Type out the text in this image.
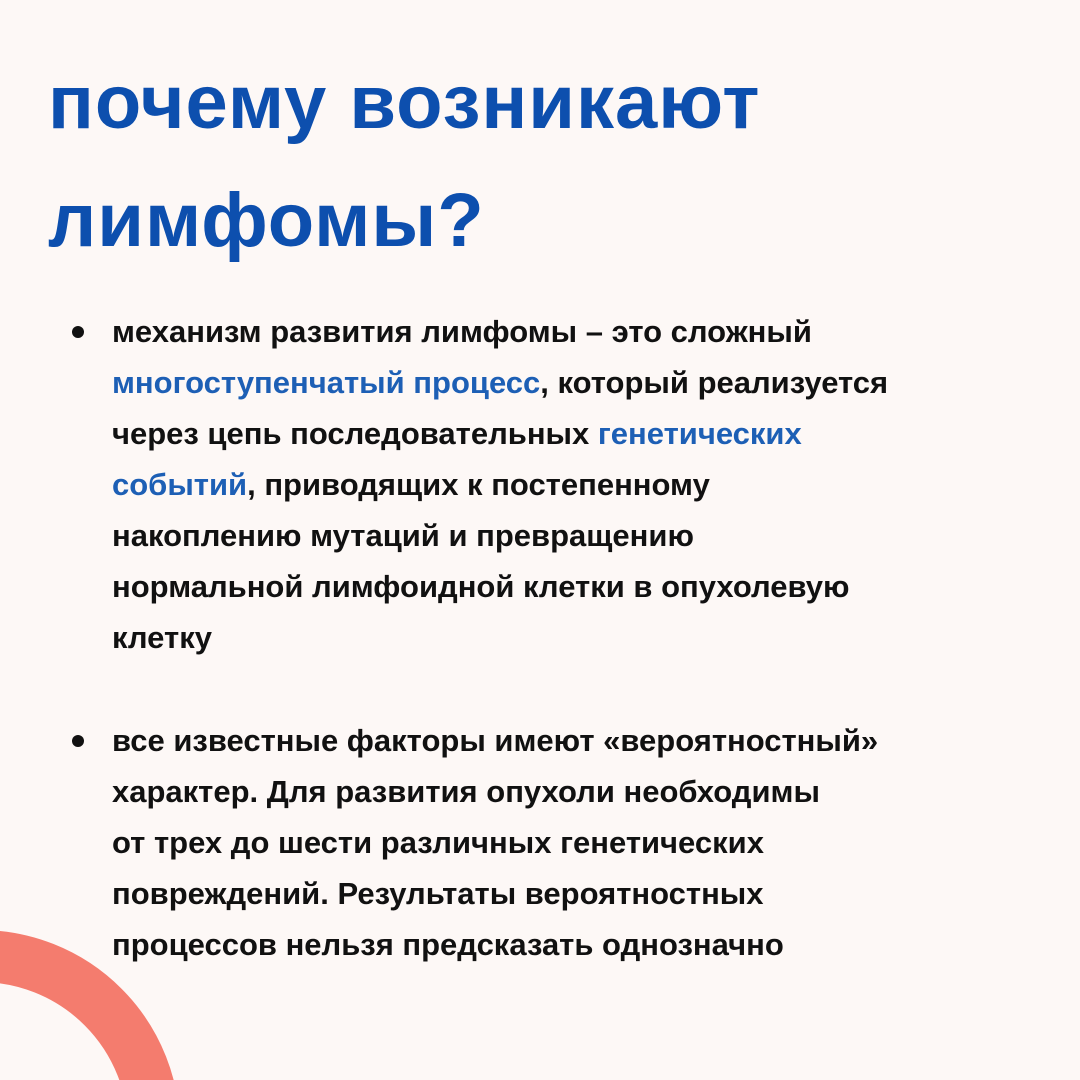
почему возникают
лимфомы?
механизм развития лимфомы – это сложный
многоступенчатый процесс, который реализуется
через цепь последовательных генетических
событий, приводящих к постепенному
накоплению мутаций и превращению
нормальной лимфоидной клетки в опухолевую
клетку
все известные факторы имеют «вероятностный»
характер. Для развития опухоли необходимы
от трех до шести различных генетических
повреждений. Результаты вероятностных
процессов нельзя предсказать однозначно
